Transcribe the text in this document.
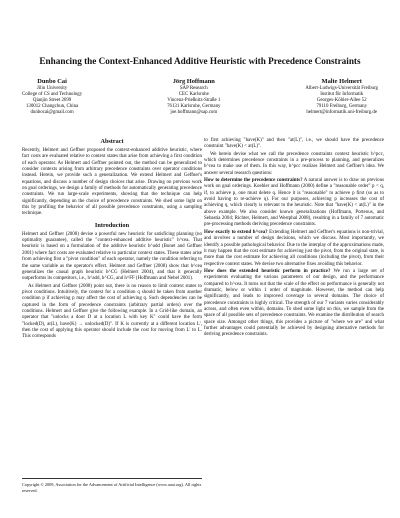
Enhancing the Context-Enhanced Additive Heuristic with Precedence Constraints
Dunbo Cai
Jilin University
College of CS and Technology
Qianjin Street 2699
130012 Changchun, China
dunbocai@gmail.com
Jörg Hoffmann
SAP Research
CEC Karlsruhe
Vincenz-Prießnitz-Straße 1
76131 Karlsruhe, Germany
joe.hoffmann@sap.com
Malte Helmert
Albert-Ludwigs-Universität Freiburg
Institut für Informatik
Georges-Köhler-Allee 52
79110 Freiburg, Germany
helmert@informatik.uni-freiburg.de
Abstract
Recently, Helmert and Geffner proposed the context-enhanced additive heuristic, where fact costs are evaluated relative to context states that arise from achieving a first condition of each operator. As Helmert and Geffner pointed out, the method can be generalized to consider contexts arising from arbitrary precedence constraints over operator conditions instead. Herein, we provide such a generalization. We extend Helmert and Geffner's equations, and discuss a number of design choices that arise. Drawing on previous work on goal orderings, we design a family of methods for automatically generating precedence constraints. We run large-scale experiments, showing that the technique can help significantly, depending on the choice of precedence constraints. We shed some light on this by profiling the behavior of all possible precedence constraints, using a sampling technique.
Introduction
Helmert and Geffner (2008) devise a powerful new heuristic for satisficing planning (no optimality guarantee), called the "context-enhanced additive heuristic" h^cea. That heuristic is based on a formulation of the additive heuristic h^add (Bonet and Geffner 2001) where fact costs are evaluated relative to particular context states. These states arise from achieving first a "pivot condition" of each operator, namely the condition referring to the same variable as the operator's effect. Helmert and Geffner (2008) show that h^cea generalizes the causal graph heuristic h^CG (Helmert 2004), and that it generally outperforms its competitors, i.e., h^add, h^CG, and h^FF (Hoffmann and Nebel 2001).
As Helmert and Geffner (2008) point out, there is no reason to limit context states to pivot conditions. Intuitively, the context for a condition q should be taken from another condition p if achieving p may affect the cost of achieving q. Such dependencies can be captured in the form of precedence constraints (arbitrary partial orders) over the conditions. Helmert and Geffner give the following example. In a Grid-like domain, an operator that "unlocks a door D at a location L with key K" could have the form "locked(D), at(L), have(K) → unlocked(D)". If K is currently at a different location L', then the cost of applying this operator should include the cost for moving from L' to L. This corresponds
Copyright © 2009, Association for the Advancement of Artificial Intelligence (www.aaai.org). All rights reserved.
to first achieving "have(K)" and then "at(L)", i.e., we should have the precedence constraint "have(K) < at(L)".
We herein devise what we call the precedence constraints context heuristic h^pcc, which determines precedence constraints in a pre-process to planning, and generalizes h^cea to make use of them. In this way, h^pcc realizes Helmert and Geffner's idea. We answer several research questions:
How to determine the precedence constraints? A natural answer is to draw on previous work on goal orderings. Koehler and Hoffmann (2000) define a "reasonable order" p < q, if, to achieve p, one must delete q. Hence it is "reasonable" to achieve p first (so as to avoid having to re-achieve q). For our purposes, achieving p increases the cost of achieving q, which clearly is relevant to the heuristic. Note that "have(K) < at(L)" in the above example. We also consider known generalizations (Hoffmann, Porteous, and Sebastia 2004; Richter, Helmert, and Westphal 2008), resulting in a family of 7 automatic pre-processing methods deriving precedence constraints.
How exactly to extend h^cea? Extending Helmert and Geffner's equations is non-trivial, and involves a number of design decisions, which we discuss. Most importantly, we identify a possible pathological behavior. Due to the interplay of the approximations made, it may happen that the cost estimate for achieving just the pivot, from the original state, is more than the cost estimate for achieving all conditions (including the pivot), from their respective context states. We devise two alternative fixes avoiding this behavior.
How does the extended heuristic perform in practice? We run a large set of experiments evaluating the various parameters of our design, and the performance compared to h^cea. It turns out that the scale of the effect on performance is generally not dramatic, below or within 1 order of magnitude. However, the method can help significantly, and leads to improved coverage in several domains. The choice of precedence constraints is highly critical. The strength of our 7 variants varies considerably across, and often even within, domains. To shed some light on this, we sample from the space of all possible sets of precedence constraints. We examine the distribution of search space size. Amongst other things, this provides a picture of "where we are" and what further advantages could potentially be achieved by designing alternative methods for deriving precedence constraints.
